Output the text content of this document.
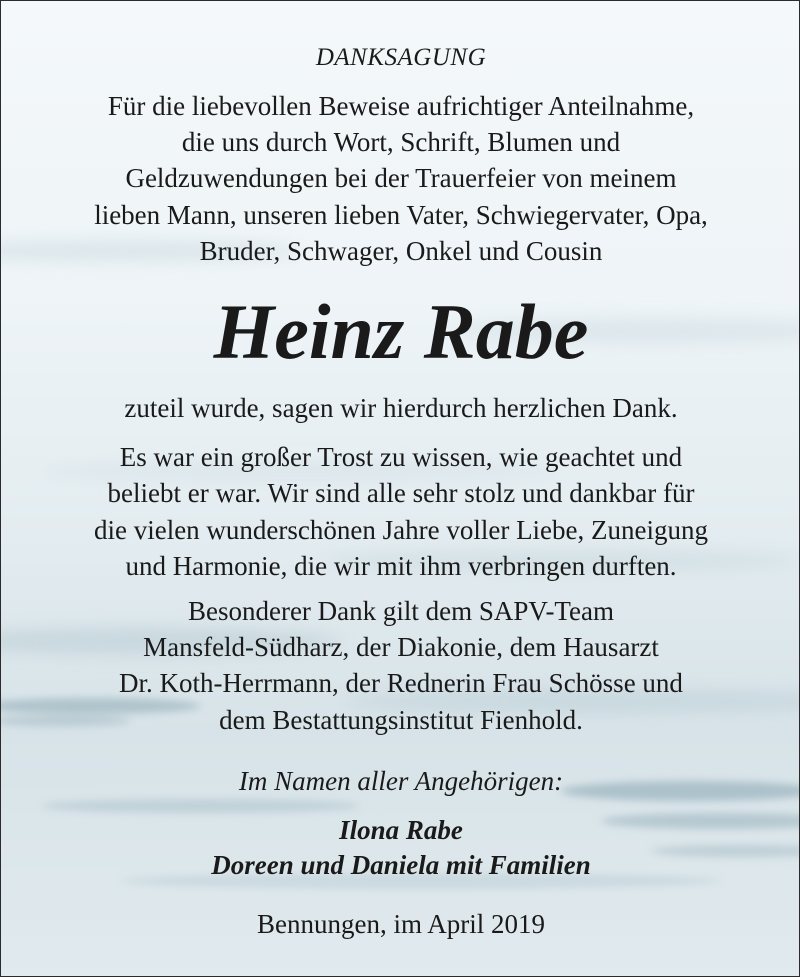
DANKSAGUNG
Für die liebevollen Beweise aufrichtiger Anteilnahme,
die uns durch Wort, Schrift, Blumen und
Geldzuwendungen bei der Trauerfeier von meinem
lieben Mann, unseren lieben Vater, Schwiegervater, Opa,
Bruder, Schwager, Onkel und Cousin
Heinz Rabe
zuteil wurde, sagen wir hierdurch herzlichen Dank.
Es war ein großer Trost zu wissen, wie geachtet und
beliebt er war. Wir sind alle sehr stolz und dankbar für
die vielen wunderschönen Jahre voller Liebe, Zuneigung
und Harmonie, die wir mit ihm verbringen durften.
Besonderer Dank gilt dem SAPV-Team
Mansfeld-Südharz, der Diakonie, dem Hausarzt
Dr. Koth-Herrmann, der Rednerin Frau Schösse und
dem Bestattungsinstitut Fienhold.
Im Namen aller Angehörigen:
Ilona Rabe
Doreen und Daniela mit Familien
Bennungen, im April 2019
